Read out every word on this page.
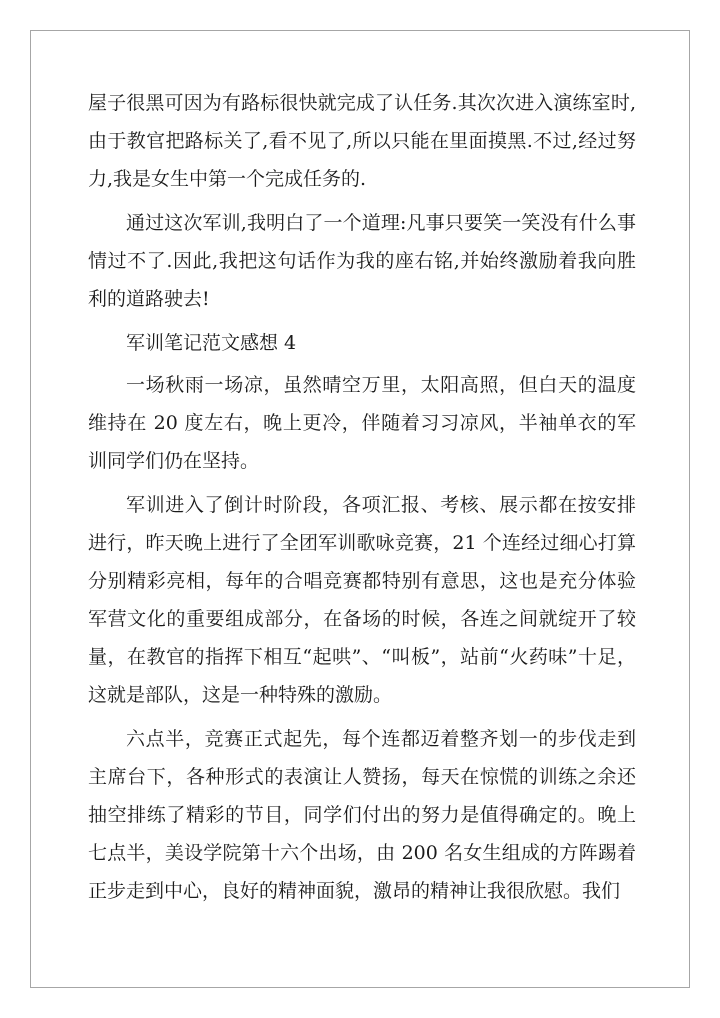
屋子很黑可因为有路标很快就完成了认任务.其次次进入演练室时,由于教官把路标关了,看不见了,所以只能在里面摸黑.不过,经过努力,我是女生中第一个完成任务的.

通过这次军训,我明白了一个道理:凡事只要笑一笑没有什么事情过不了.因此,我把这句话作为我的座右铭,并始终激励着我向胜利的道路驶去!

军训笔记范文感想 4

一场秋雨一场凉，虽然晴空万里，太阳高照，但白天的温度维持在 20 度左右，晚上更冷，伴随着习习凉风，半袖单衣的军训同学们仍在坚持。

军训进入了倒计时阶段，各项汇报、考核、展示都在按安排进行，昨天晚上进行了全团军训歌咏竞赛，21 个连经过细心打算分别精彩亮相，每年的合唱竞赛都特别有意思，这也是充分体验军营文化的重要组成部分，在备场的时候，各连之间就绽开了较量，在教官的指挥下相互“起哄”、“叫板”，站前“火药味”十足，这就是部队，这是一种特殊的激励。

六点半，竞赛正式起先，每个连都迈着整齐划一的步伐走到主席台下，各种形式的表演让人赞扬，每天在惊慌的训练之余还抽空排练了精彩的节目，同学们付出的努力是值得确定的。晚上七点半，美设学院第十六个出场，由 200 名女生组成的方阵踢着正步走到中心，良好的精神面貌，激昂的精神让我很欣慰。我们
